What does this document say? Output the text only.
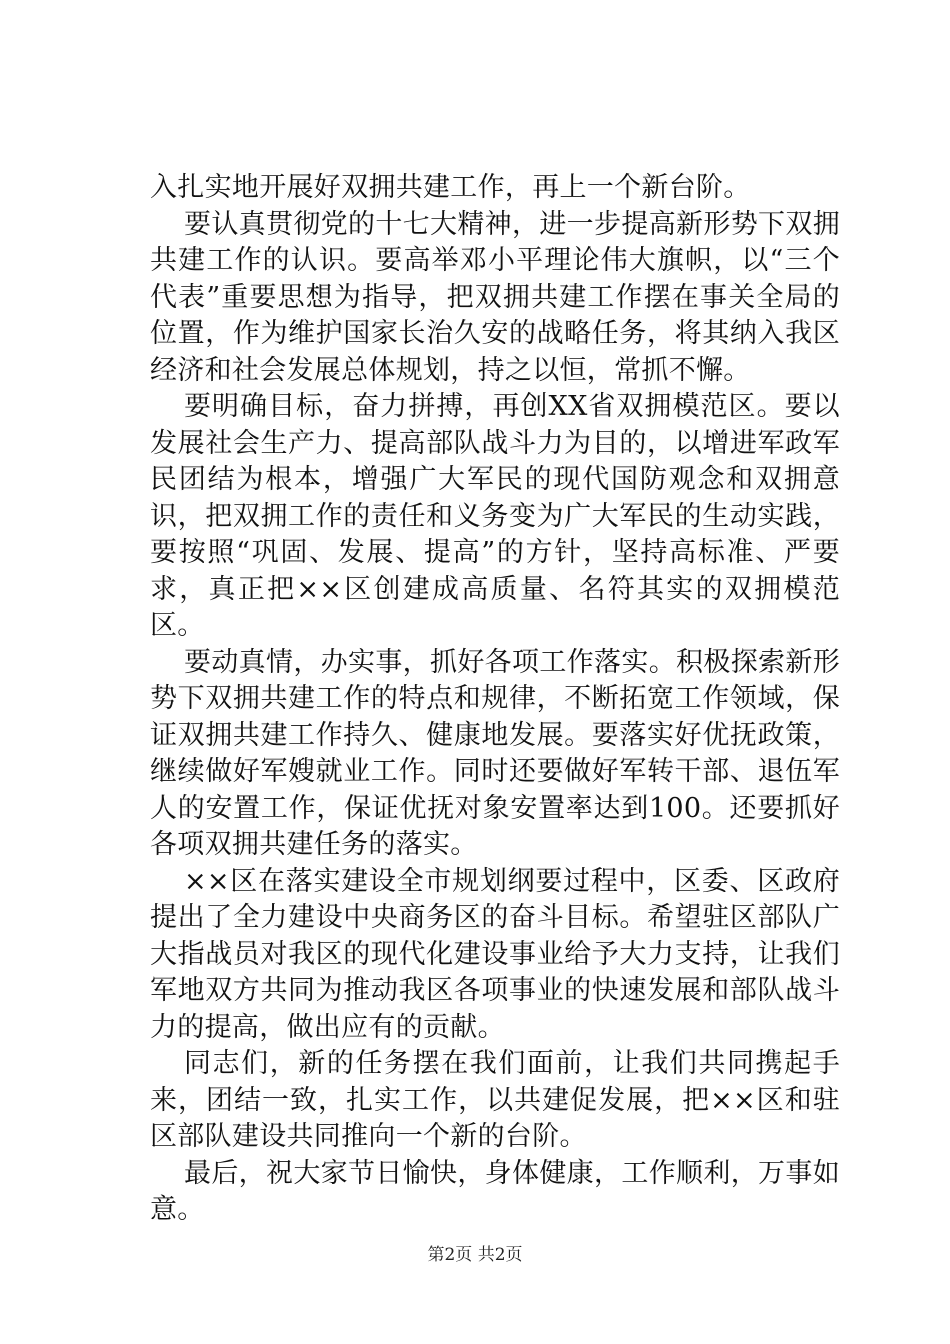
入扎实地开展好双拥共建工作，再上一个新台阶。

要认真贯彻党的十七大精神，进一步提高新形势下双拥共建工作的认识。要高举邓小平理论伟大旗帜，以“三个代表”重要思想为指导，把双拥共建工作摆在事关全局的位置，作为维护国家长治久安的战略任务，将其纳入我区经济和社会发展总体规划，持之以恒，常抓不懈。

要明确目标，奋力拼搏，再创XX省双拥模范区。要以发展社会生产力、提高部队战斗力为目的，以增进军政军民团结为根本，增强广大军民的现代国防观念和双拥意识，把双拥工作的责任和义务变为广大军民的生动实践，要按照“巩固、发展、提高”的方针，坚持高标准、严要求，真正把××区创建成高质量、名符其实的双拥模范区。

要动真情，办实事，抓好各项工作落实。积极探索新形势下双拥共建工作的特点和规律，不断拓宽工作领域，保证双拥共建工作持久、健康地发展。要落实好优抚政策，继续做好军嫂就业工作。同时还要做好军转干部、退伍军人的安置工作，保证优抚对象安置率达到100。还要抓好各项双拥共建任务的落实。

××区在落实建设全市规划纲要过程中，区委、区政府提出了全力建设中央商务区的奋斗目标。希望驻区部队广大指战员对我区的现代化建设事业给予大力支持，让我们军地双方共同为推动我区各项事业的快速发展和部队战斗力的提高，做出应有的贡献。

同志们，新的任务摆在我们面前，让我们共同携起手来，团结一致，扎实工作，以共建促发展，把××区和驻区部队建设共同推向一个新的台阶。

最后，祝大家节日愉快，身体健康，工作顺利，万事如意。

第2页 共2页
